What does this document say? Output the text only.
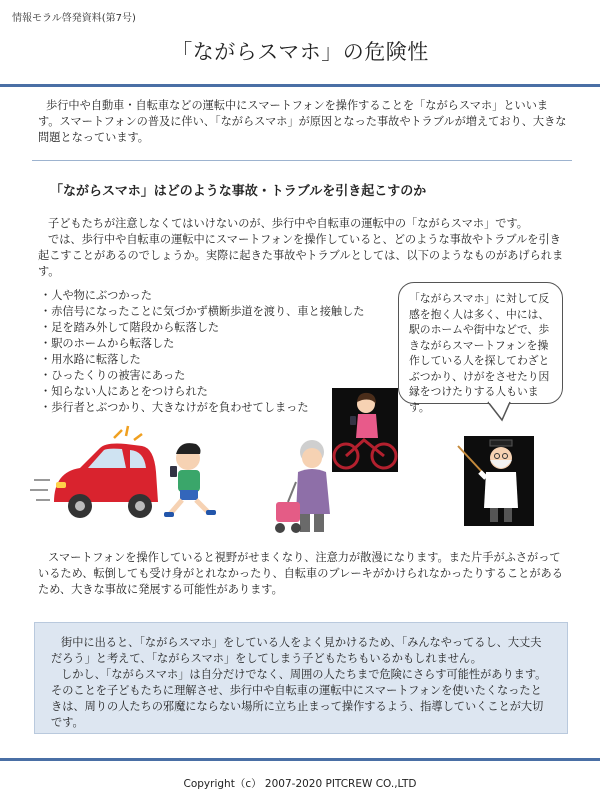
情報モラル啓発資料(第7号)
「ながらスマホ」の危険性
歩行中や自動車・自転車などの運転中にスマートフォンを操作することを「ながらスマホ」といいます。スマートフォンの普及に伴い、「ながらスマホ」が原因となった事故やトラブルが増えており、大きな問題となっています。
「ながらスマホ」はどのような事故・トラブルを引き起こすのか

子どもたちが注意しなくてはいけないのが、歩行中や自転車の運転中の「ながらスマホ」です。

では、歩行中や自転車の運転中にスマートフォンを操作していると、どのような事故やトラブルを引き起こすことがあるのでしょうか。実際に起きた事故やトラブルとしては、以下のようなものがあげられます。

・人や物にぶつかった
・赤信号になったことに気づかず横断歩道を渡り、車と接触した
・足を踏み外して階段から転落した
・駅のホームから転落した
・用水路に転落した
・ひったくりの被害にあった
・知らない人にあとをつけられた
・歩行者とぶつかり、大きなけがを負わせてしまった
「ながらスマホ」に対して反感を抱く人は多く、中には、駅のホームや街中などで、歩きながらスマートフォンを操作している人を探してわざとぶつかり、けがをさせたり因縁をつけたりする人もいます。
スマートフォンを操作していると視野がせまくなり、注意力が散漫になります。また片手がふさがっているため、転倒しても受け身がとれなかったり、自転車のブレーキがかけられなかったりすることがあるため、大きな事故に発展する可能性があります。

街中に出ると、「ながらスマホ」をしている人をよく見かけるため、「みんなやってるし、大丈夫だろう」と考えて、「ながらスマホ」をしてしまう子どもたちもいるかもしれません。

しかし、「ながらスマホ」は自分だけでなく、周囲の人たちまで危険にさらす可能性があります。そのことを子どもたちに理解させ、歩行中や自転車の運転中にスマートフォンを使いたくなったときは、周りの人たちの邪魔にならない場所に立ち止まって操作するよう、指導していくことが大切です。

Copyright（c） 2007-2020 PITCREW CO.,LTD
